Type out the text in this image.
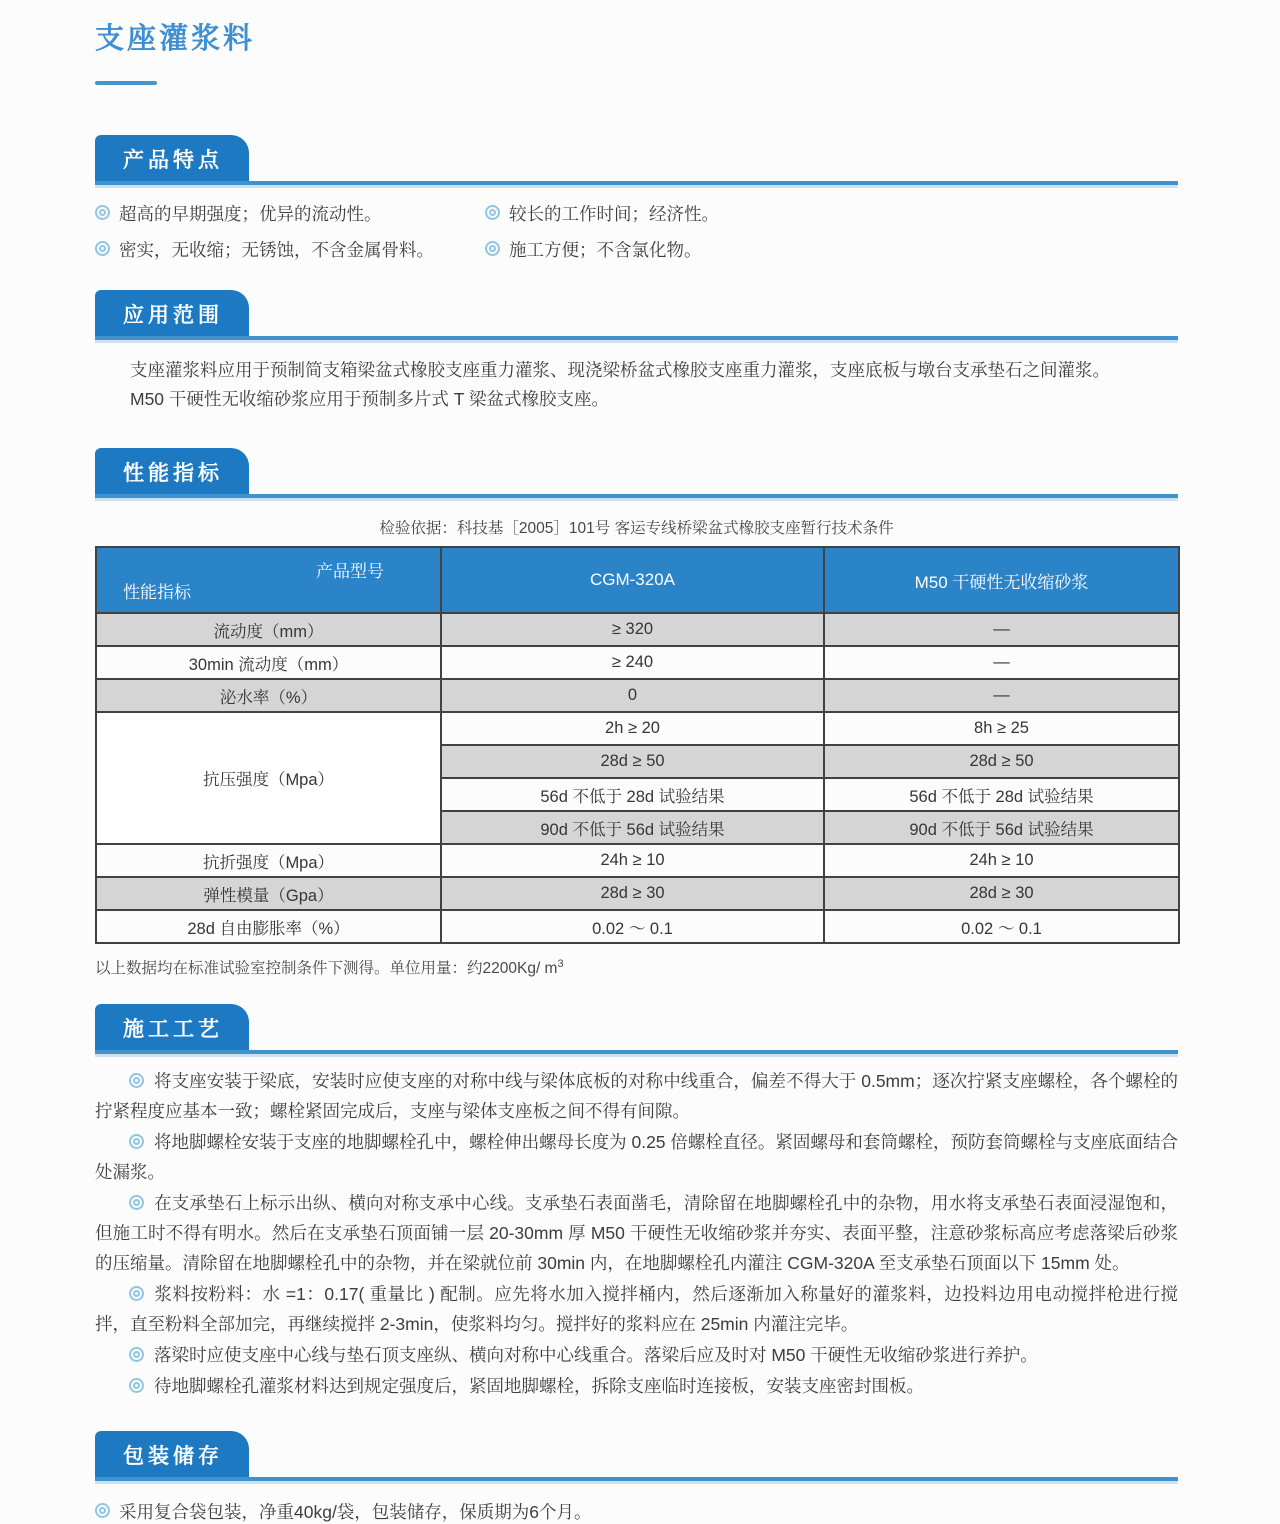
支座灌浆料
产品特点
超高的早期强度；优异的流动性。	较长的工作时间；经济性。
密实，无收缩；无锈蚀，不含金属骨料。	施工方便；不含氯化物。
应用范围

支座灌浆料应用于预制简支箱梁盆式橡胶支座重力灌浆、现浇梁桥盆式橡胶支座重力灌浆，支座底板与墩台支承垫石之间灌浆。

M50 干硬性无收缩砂浆应用于预制多片式 T 梁盆式橡胶支座。

性能指标
检验依据：科技基［2005］101号 客运专线桥梁盆式橡胶支座暂行技术条件
产品型号
性能指标	CGM-320A	M50 干硬性无收缩砂浆
流动度（mm）	≥ 320	—
30min 流动度（mm）	≥ 240	—
泌水率（%）	0	—
抗压强度（Mpa）	2h ≥ 20	8h ≥ 25
	28d ≥ 50	28d ≥ 50
	56d 不低于 28d 试验结果	56d 不低于 28d 试验结果
	90d 不低于 56d 试验结果	90d 不低于 56d 试验结果
抗折强度（Mpa）	24h ≥ 10	24h ≥ 10
弹性模量（Gpa）	28d ≥ 30	28d ≥ 30
28d 自由膨胀率（%）	0.02 ～ 0.1	0.02 ～ 0.1
以上数据均在标准试验室控制条件下测得。单位用量：约2200Kg/ $m^3$
施工工艺

将支座安装于梁底，安装时应使支座的对称中线与梁体底板的对称中线重合，偏差不得大于 0.5mm；逐次拧紧支座螺栓，各个螺栓的拧紧程度应基本一致；螺栓紧固完成后，支座与梁体支座板之间不得有间隙。

将地脚螺栓安装于支座的地脚螺栓孔中，螺栓伸出螺母长度为 0.25 倍螺栓直径。紧固螺母和套筒螺栓，预防套筒螺栓与支座底面结合处漏浆。

在支承垫石上标示出纵、横向对称支承中心线。支承垫石表面凿毛，清除留在地脚螺栓孔中的杂物，用水将支承垫石表面浸湿饱和，但施工时不得有明水。然后在支承垫石顶面铺一层 20-30mm 厚 M50 干硬性无收缩砂浆并夯实、表面平整，注意砂浆标高应考虑落梁后砂浆的压缩量。清除留在地脚螺栓孔中的杂物，并在梁就位前 30min 内，在地脚螺栓孔内灌注 CGM-320A 至支承垫石顶面以下 15mm 处。

浆料按粉料：水 =1：0.17( 重量比 ) 配制。应先将水加入搅拌桶内，然后逐渐加入称量好的灌浆料，边投料边用电动搅拌枪进行搅拌，直至粉料全部加完，再继续搅拌 2-3min，使浆料均匀。搅拌好的浆料应在 25min 内灌注完毕。

落梁时应使支座中心线与垫石顶支座纵、横向对称中心线重合。落梁后应及时对 M50 干硬性无收缩砂浆进行养护。

待地脚螺栓孔灌浆材料达到规定强度后，紧固地脚螺栓，拆除支座临时连接板，安装支座密封围板。

包装储存
采用复合袋包装，净重40kg/袋，包装储存，保质期为6个月。
